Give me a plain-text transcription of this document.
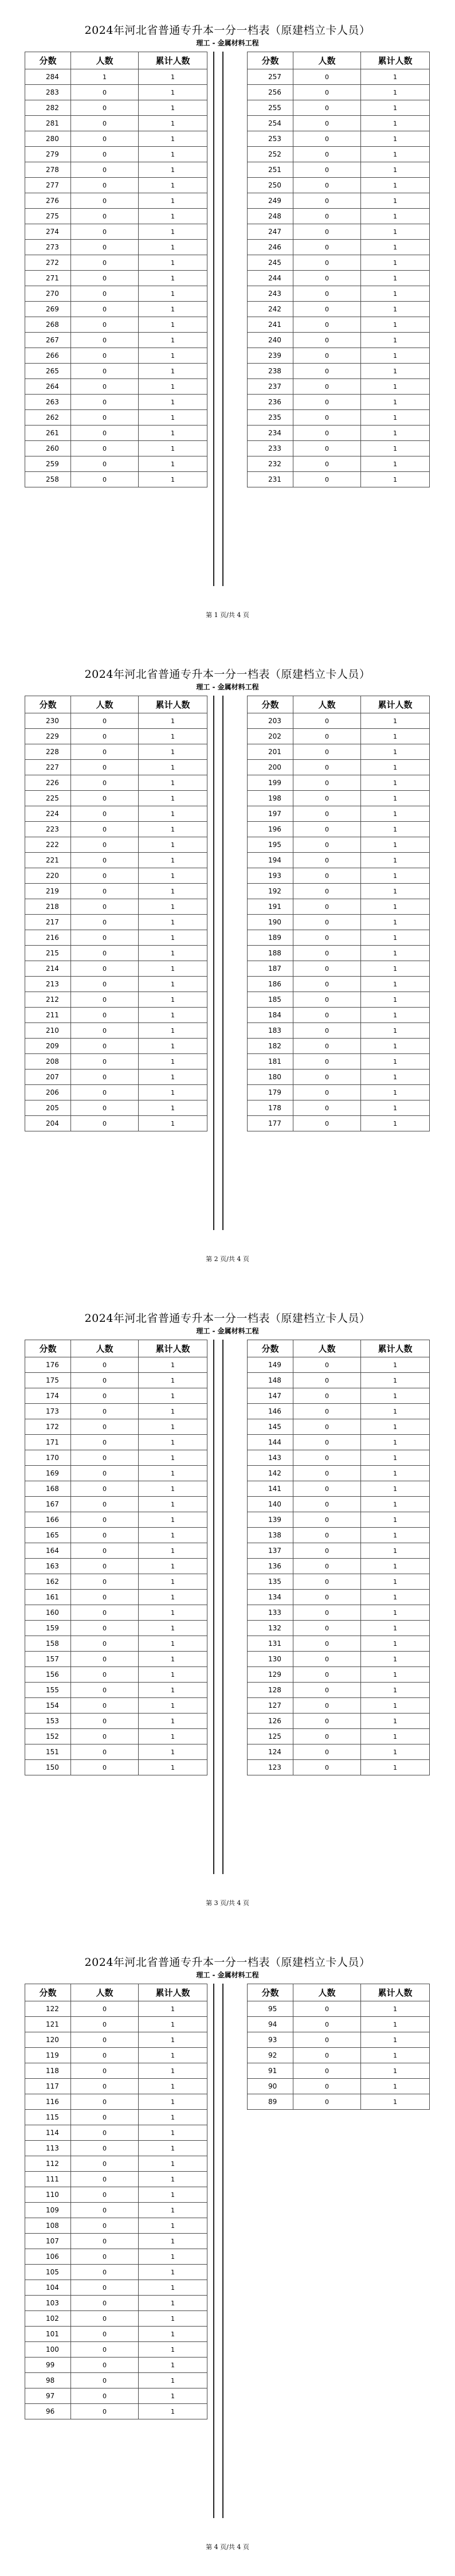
2024年河北省普通专升本一分一档表（原建档立卡人员）
理工 - 金属材料工程
分数	人数	累计人数
284	1	1
283	0	1
282	0	1
281	0	1
280	0	1
279	0	1
278	0	1
277	0	1
276	0	1
275	0	1
274	0	1
273	0	1
272	0	1
271	0	1
270	0	1
269	0	1
268	0	1
267	0	1
266	0	1
265	0	1
264	0	1
263	0	1
262	0	1
261	0	1
260	0	1
259	0	1
258	0	1
分数	人数	累计人数
257	0	1
256	0	1
255	0	1
254	0	1
253	0	1
252	0	1
251	0	1
250	0	1
249	0	1
248	0	1
247	0	1
246	0	1
245	0	1
244	0	1
243	0	1
242	0	1
241	0	1
240	0	1
239	0	1
238	0	1
237	0	1
236	0	1
235	0	1
234	0	1
233	0	1
232	0	1
231	0	1
第 1 页/共 4 页
2024年河北省普通专升本一分一档表（原建档立卡人员）
理工 - 金属材料工程
分数	人数	累计人数
230	0	1
229	0	1
228	0	1
227	0	1
226	0	1
225	0	1
224	0	1
223	0	1
222	0	1
221	0	1
220	0	1
219	0	1
218	0	1
217	0	1
216	0	1
215	0	1
214	0	1
213	0	1
212	0	1
211	0	1
210	0	1
209	0	1
208	0	1
207	0	1
206	0	1
205	0	1
204	0	1
分数	人数	累计人数
203	0	1
202	0	1
201	0	1
200	0	1
199	0	1
198	0	1
197	0	1
196	0	1
195	0	1
194	0	1
193	0	1
192	0	1
191	0	1
190	0	1
189	0	1
188	0	1
187	0	1
186	0	1
185	0	1
184	0	1
183	0	1
182	0	1
181	0	1
180	0	1
179	0	1
178	0	1
177	0	1
第 2 页/共 4 页
2024年河北省普通专升本一分一档表（原建档立卡人员）
理工 - 金属材料工程
分数	人数	累计人数
176	0	1
175	0	1
174	0	1
173	0	1
172	0	1
171	0	1
170	0	1
169	0	1
168	0	1
167	0	1
166	0	1
165	0	1
164	0	1
163	0	1
162	0	1
161	0	1
160	0	1
159	0	1
158	0	1
157	0	1
156	0	1
155	0	1
154	0	1
153	0	1
152	0	1
151	0	1
150	0	1
分数	人数	累计人数
149	0	1
148	0	1
147	0	1
146	0	1
145	0	1
144	0	1
143	0	1
142	0	1
141	0	1
140	0	1
139	0	1
138	0	1
137	0	1
136	0	1
135	0	1
134	0	1
133	0	1
132	0	1
131	0	1
130	0	1
129	0	1
128	0	1
127	0	1
126	0	1
125	0	1
124	0	1
123	0	1
第 3 页/共 4 页
2024年河北省普通专升本一分一档表（原建档立卡人员）
理工 - 金属材料工程
分数	人数	累计人数
122	0	1
121	0	1
120	0	1
119	0	1
118	0	1
117	0	1
116	0	1
115	0	1
114	0	1
113	0	1
112	0	1
111	0	1
110	0	1
109	0	1
108	0	1
107	0	1
106	0	1
105	0	1
104	0	1
103	0	1
102	0	1
101	0	1
100	0	1
99	0	1
98	0	1
97	0	1
96	0	1
分数	人数	累计人数
95	0	1
94	0	1
93	0	1
92	0	1
91	0	1
90	0	1
89	0	1
第 4 页/共 4 页
